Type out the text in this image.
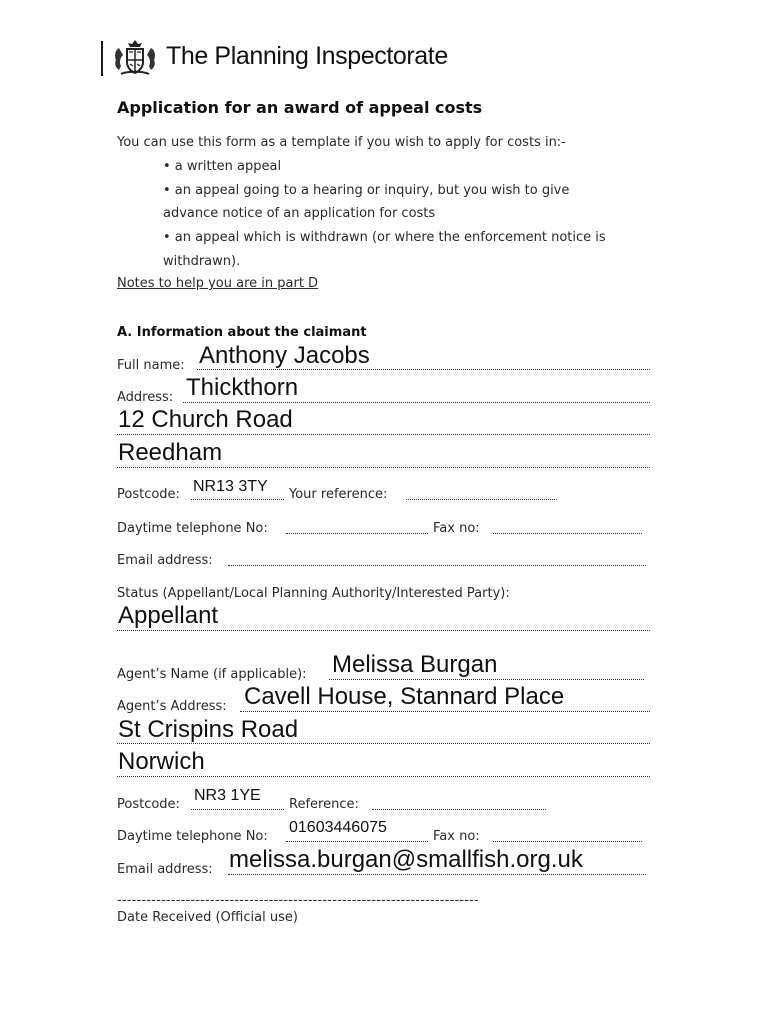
The Planning Inspectorate
Application for an award of appeal costs
You can use this form as a template if you wish to apply for costs in:-
• a written appeal
• an appeal going to a hearing or inquiry, but you wish to give
advance notice of an application for costs
• an appeal which is withdrawn (or where the enforcement notice is
withdrawn).
Notes to help you are in part D
A. Information about the claimant
Full name: Anthony Jacobs
Address: Thickthorn
12 Church Road
Reedham
Postcode: NR13 3TY Your reference:
Daytime telephone No:	Fax no:
Email address:
Status (Appellant/Local Planning Authority/Interested Party):
Appellant
Agent’s Name (if applicable): Melissa Burgan
Agent’s Address: Cavell House, Stannard Place
St Crispins Road
Norwich
Postcode:
NR3 1YE
Reference:
Daytime telephone No:
01603446075
Fax no:
Email address: melissa.burgan@smallfish.org.uk
--------------------------------------------------------------------------
Date Received (Official use)
